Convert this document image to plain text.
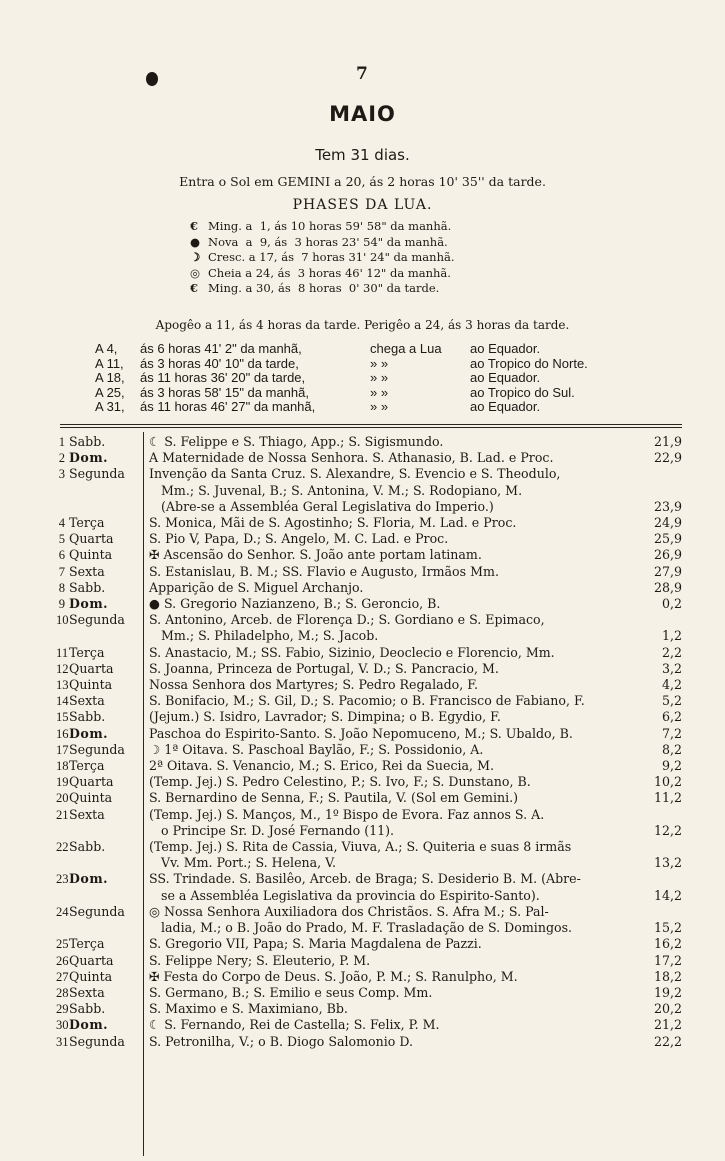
7
MAIO
Tem 31 dias.
Entra o Sol em GEMINI a 20, ás 2 horas 10' 35'' da tarde.
PHASES DA LUA.
€ Ming. a  1, ás 10 horas 59' 58" da manhã.
● Nova  a  9, ás  3 horas 23' 54" da manhã.
☽ Cresc. a 17, ás  7 horas 31' 24" da manhã.
◎ Cheia a 24, ás  3 horas 46' 12" da manhã.
€ Ming. a 30, ás  8 horas  0' 30" da tarde.
Apogêo a 11, ás 4 horas da tarde. Perigêo a 24, ás 3 horas da tarde.
A 4,	ás 6 horas 41' 2" da manhã,	chega a Lua	ao Equador.
A 11,	ás 3 horas 40' 10" da tarde,	» »	ao Tropico do Norte.
A 18,	ás 11 horas 36' 20" da tarde,	» »	ao Equador.
A 25,	ás 3 horas 58' 15" da manhã,	» »	ao Tropico do Sul.
A 31,	ás 11 horas 46' 27" da manhã,	» »	ao Equador.
1 Sabb.	☾ S. Felippe e S. Thiago, App.; S. Sigismundo.	21,9
2 Dom.	A Maternidade de Nossa Senhora. S. Athanasio, B. Lad. e Proc.	22,9
3 Segunda	Invenção da Santa Cruz. S. Alexandre, S. Evencio e S. Theodulo,
Mm.; S. Juvenal, B.; S. Antonina, V. M.; S. Rodopiano, M.
(Abre-se a Assembléa Geral Legislativa do Imperio.)	23,9
4 Terça	S. Monica, Mãi de S. Agostinho; S. Floria, M. Lad. e Proc.	24,9
5 Quarta	S. Pio V, Papa, D.; S. Angelo, M. C. Lad. e Proc.	25,9
6 Quinta	✠ Ascensão do Senhor. S. João ante portam latinam.	26,9
7 Sexta	S. Estanislau, B. M.; SS. Flavio e Augusto, Irmãos Mm.	27,9
8 Sabb.	Apparição de S. Miguel Archanjo.	28,9
9 Dom.	● S. Gregorio Nazianzeno, B.; S. Geroncio, B.	0,2
10 Segunda	S. Antonino, Arceb. de Florença D.; S. Gordiano e S. Epimaco,
Mm.; S. Philadelpho, M.; S. Jacob.	1,2
11 Terça	S. Anastacio, M.; SS. Fabio, Sizinio, Deoclecio e Florencio, Mm.	2,2
12 Quarta	S. Joanna, Princeza de Portugal, V. D.; S. Pancracio, M.	3,2
13 Quinta	Nossa Senhora dos Martyres; S. Pedro Regalado, F.	4,2
14 Sexta	S. Bonifacio, M.; S. Gil, D.; S. Pacomio; o B. Francisco de Fabiano, F.	5,2
15 Sabb.	(Jejum.) S. Isidro, Lavrador; S. Dimpina; o B. Egydio, F.	6,2
16 Dom.	Paschoa do Espirito-Santo. S. João Nepomuceno, M.; S. Ubaldo, B.	7,2
17 Segunda	☽ 1ª Oitava. S. Paschoal Baylão, F.; S. Possidonio, A.	8,2
18 Terça	2ª Oitava. S. Venancio, M.; S. Erico, Rei da Suecia, M.	9,2
19 Quarta	(Temp. Jej.) S. Pedro Celestino, P.; S. Ivo, F.; S. Dunstano, B.	10,2
20 Quinta	S. Bernardino de Senna, F.; S. Pautila, V. (Sol em Gemini.)	11,2
21 Sexta	(Temp. Jej.) S. Manços, M., 1º Bispo de Evora. Faz annos S. A.
o Principe Sr. D. José Fernando (11).	12,2
22 Sabb.	(Temp. Jej.) S. Rita de Cassia, Viuva, A.; S. Quiteria e suas 8 irmãs
Vv. Mm. Port.; S. Helena, V.	13,2
23 Dom.	SS. Trindade. S. Basilêo, Arceb. de Braga; S. Desiderio B. M. (Abre-
se a Assembléa Legislativa da provincia do Espirito-Santo).	14,2
24 Segunda	◎ Nossa Senhora Auxiliadora dos Christãos. S. Afra M.; S. Pal-
ladia, M.; o B. João do Prado, M. F. Trasladação de S. Domingos.	15,2
25 Terça	S. Gregorio VII, Papa; S. Maria Magdalena de Pazzi.	16,2
26 Quarta	S. Felippe Nery; S. Eleuterio, P. M.	17,2
27 Quinta	✠ Festa do Corpo de Deus. S. João, P. M.; S. Ranulpho, M.	18,2
28 Sexta	S. Germano, B.; S. Emilio e seus Comp. Mm.	19,2
29 Sabb.	S. Maximo e S. Maximiano, Bb.	20,2
30 Dom.	☾ S. Fernando, Rei de Castella; S. Felix, P. M.	21,2
31 Segunda	S. Petronilha, V.; o B. Diogo Salomonio D.	22,2
